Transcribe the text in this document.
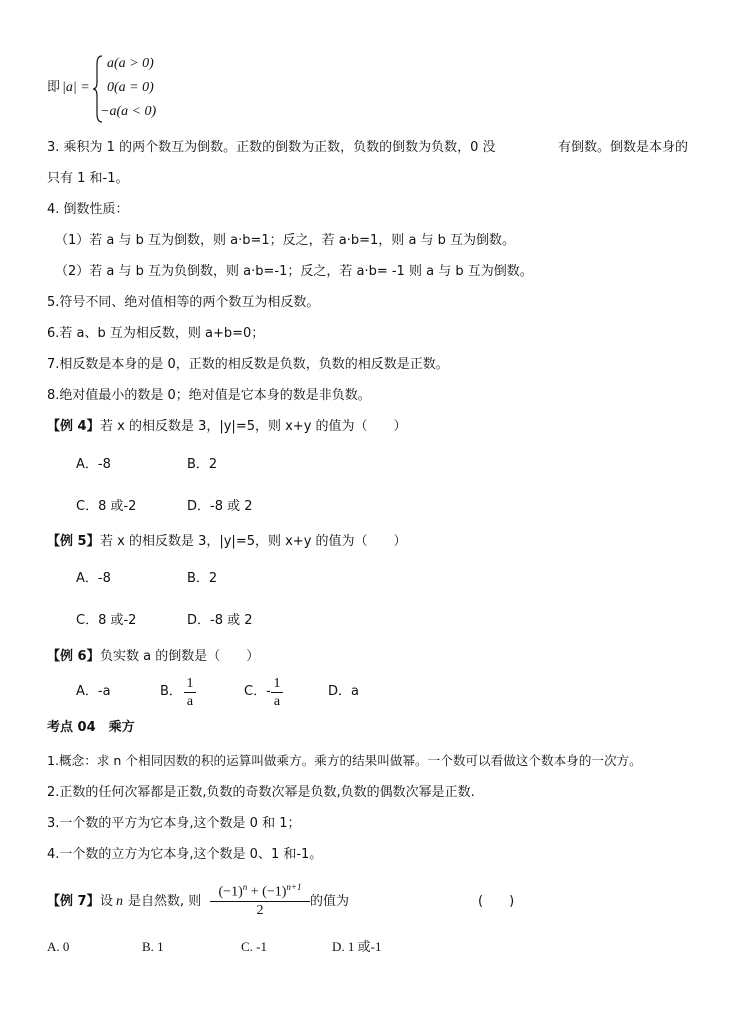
即 |a| =
a(a > 0)
0(a = 0)
−a(a < 0)
3. 乘积为 1 的两个数互为倒数。正数的倒数为正数，负数的倒数为负数，0 没	有倒数。倒数是本身的
只有 1 和-1。
4. 倒数性质：
（1）若 a 与 b 互为倒数，则 a·b=1；反之，若 a·b=1，则 a 与 b 互为倒数。
（2）若 a 与 b 互为负倒数，则 a·b=-1；反之，若 a·b= -1 则 a 与 b 互为倒数。
5.符号不同、绝对值相等的两个数互为相反数。
6.若 a、b 互为相反数，则 a+b=0；
7.相反数是本身的是 0，正数的相反数是负数，负数的相反数是正数。
8.绝对值最小的数是 0；绝对值是它本身的数是非负数。
【例 4】 若 x 的相反数是 3，|y|=5，则 x+y 的值为（　　）
A．-8	B．2
C．8 或-2	D．-8 或 2
【例 5】 若 x 的相反数是 3，|y|=5，则 x+y 的值为（　　）
A．-8	B．2
C．8 或-2	D．-8 或 2
【例 6】 负实数 a 的倒数是（　　）
A．-a	B．
1
a
C．-
1
a
D．a
考点 04　乘方
1.概念：求 n 个相同因数的积的运算叫做乘方。乘方的结果叫做幂。一个数可以看做这个数本身的一次方。
2.正数的任何次幂都是正数,负数的奇数次幂是负数,负数的偶数次幂是正数.
3.一个数的平方为它本身,这个数是 0 和 1；
4.一个数的立方为它本身,这个数是 0、1 和-1。
【例 7】 设 n 是自然数, 则
$(-1)^n + (-1)^{n+1}$
2
的值为	(　　)
A. 0	B. 1	C. -1	D. 1 或-1
